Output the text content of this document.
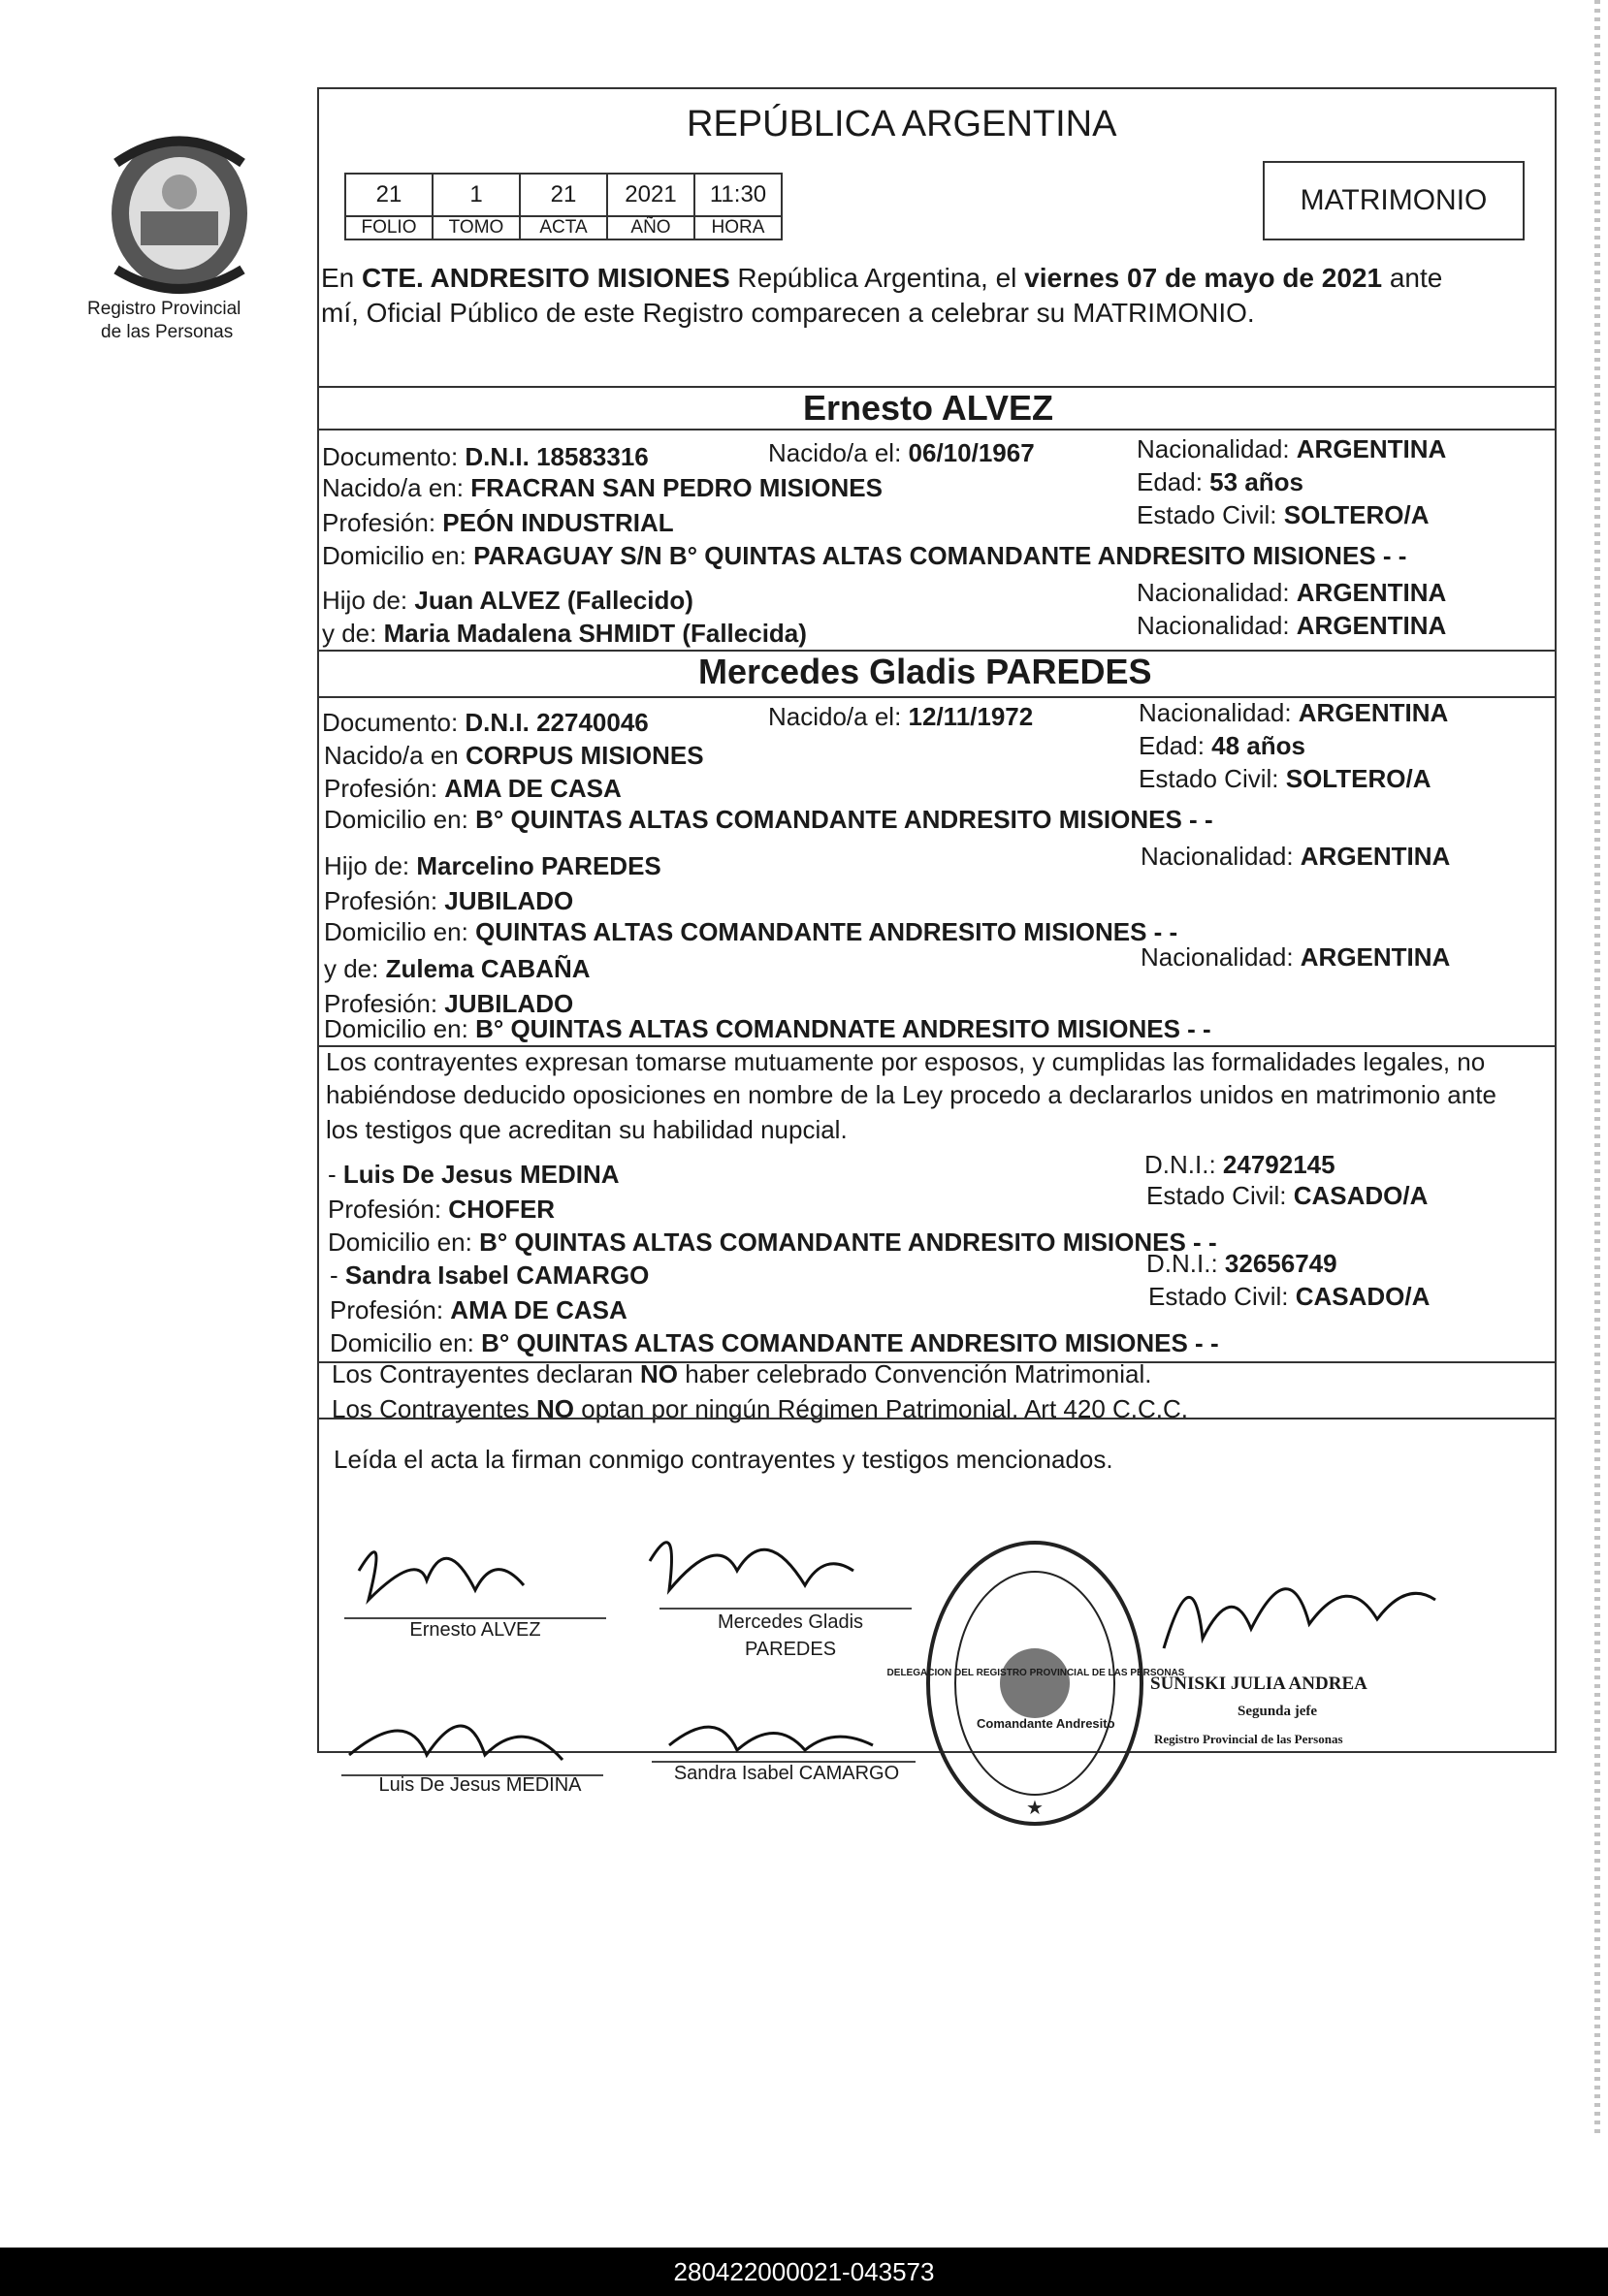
Registro Provincial
de las Personas
REPÚBLICA ARGENTINA
21	1	21	2021	11:30
FOLIO	TOMO	ACTA	AÑO	HORA
MATRIMONIO
En CTE. ANDRESITO MISIONES República Argentina, el viernes 07 de mayo de 2021 ante
mí, Oficial Público de este Registro comparecen a celebrar su MATRIMONIO.
Ernesto ALVEZ
Documento: D.N.I. 18583316	Nacido/a el: 06/10/1967	Nacionalidad: ARGENTINA
Nacido/a en: FRACRAN SAN PEDRO MISIONES	Edad: 53 años
Profesión: PEÓN INDUSTRIAL	Estado Civil: SOLTERO/A
Domicilio en: PARAGUAY S/N B° QUINTAS ALTAS COMANDANTE ANDRESITO MISIONES - -
Hijo de: Juan ALVEZ (Fallecido)	Nacionalidad: ARGENTINA
y de: Maria Madalena SHMIDT (Fallecida)	Nacionalidad: ARGENTINA
Mercedes Gladis PAREDES
Documento: D.N.I. 22740046	Nacido/a el: 12/11/1972	Nacionalidad: ARGENTINA
Nacido/a en CORPUS MISIONES	Edad: 48 años
Profesión: AMA DE CASA	Estado Civil: SOLTERO/A
Domicilio en: B° QUINTAS ALTAS COMANDANTE ANDRESITO MISIONES - -
Hijo de: Marcelino PAREDES	Nacionalidad: ARGENTINA
Profesión: JUBILADO
Domicilio en: QUINTAS ALTAS COMANDANTE ANDRESITO MISIONES - -
y de: Zulema CABAÑA	Nacionalidad: ARGENTINA
Profesión: JUBILADO
Domicilio en: B° QUINTAS ALTAS COMANDNATE ANDRESITO MISIONES - -
Los contrayentes expresan tomarse mutuamente por esposos, y cumplidas las formalidades legales, no
habiéndose deducido oposiciones en nombre de la Ley procedo a declararlos unidos en matrimonio ante
los testigos que acreditan su habilidad nupcial.
- Luis De Jesus MEDINA	D.N.I.: 24792145
Profesión: CHOFER	Estado Civil: CASADO/A
Domicilio en: B° QUINTAS ALTAS COMANDANTE ANDRESITO MISIONES - -
- Sandra Isabel CAMARGO	D.N.I.: 32656749
Profesión: AMA DE CASA	Estado Civil: CASADO/A
Domicilio en: B° QUINTAS ALTAS COMANDANTE ANDRESITO MISIONES - -
Los Contrayentes declaran NO haber celebrado Convención Matrimonial.
Los Contrayentes NO optan por ningún Régimen Patrimonial. Art 420 C.C.C.
Leída el acta la firman conmigo contrayentes y testigos mencionados.
Ernesto ALVEZ	Mercedes Gladis
PAREDES
Luis De Jesus MEDINA
Sandra Isabel CAMARGO
★
DELEGACION DEL REGISTRO PROVINCIAL DE LAS PERSONAS
Comandante Andresito
SUNISKI JULIA ANDREA
Segunda jefe
Registro Provincial de las Personas
280422000021-043573
